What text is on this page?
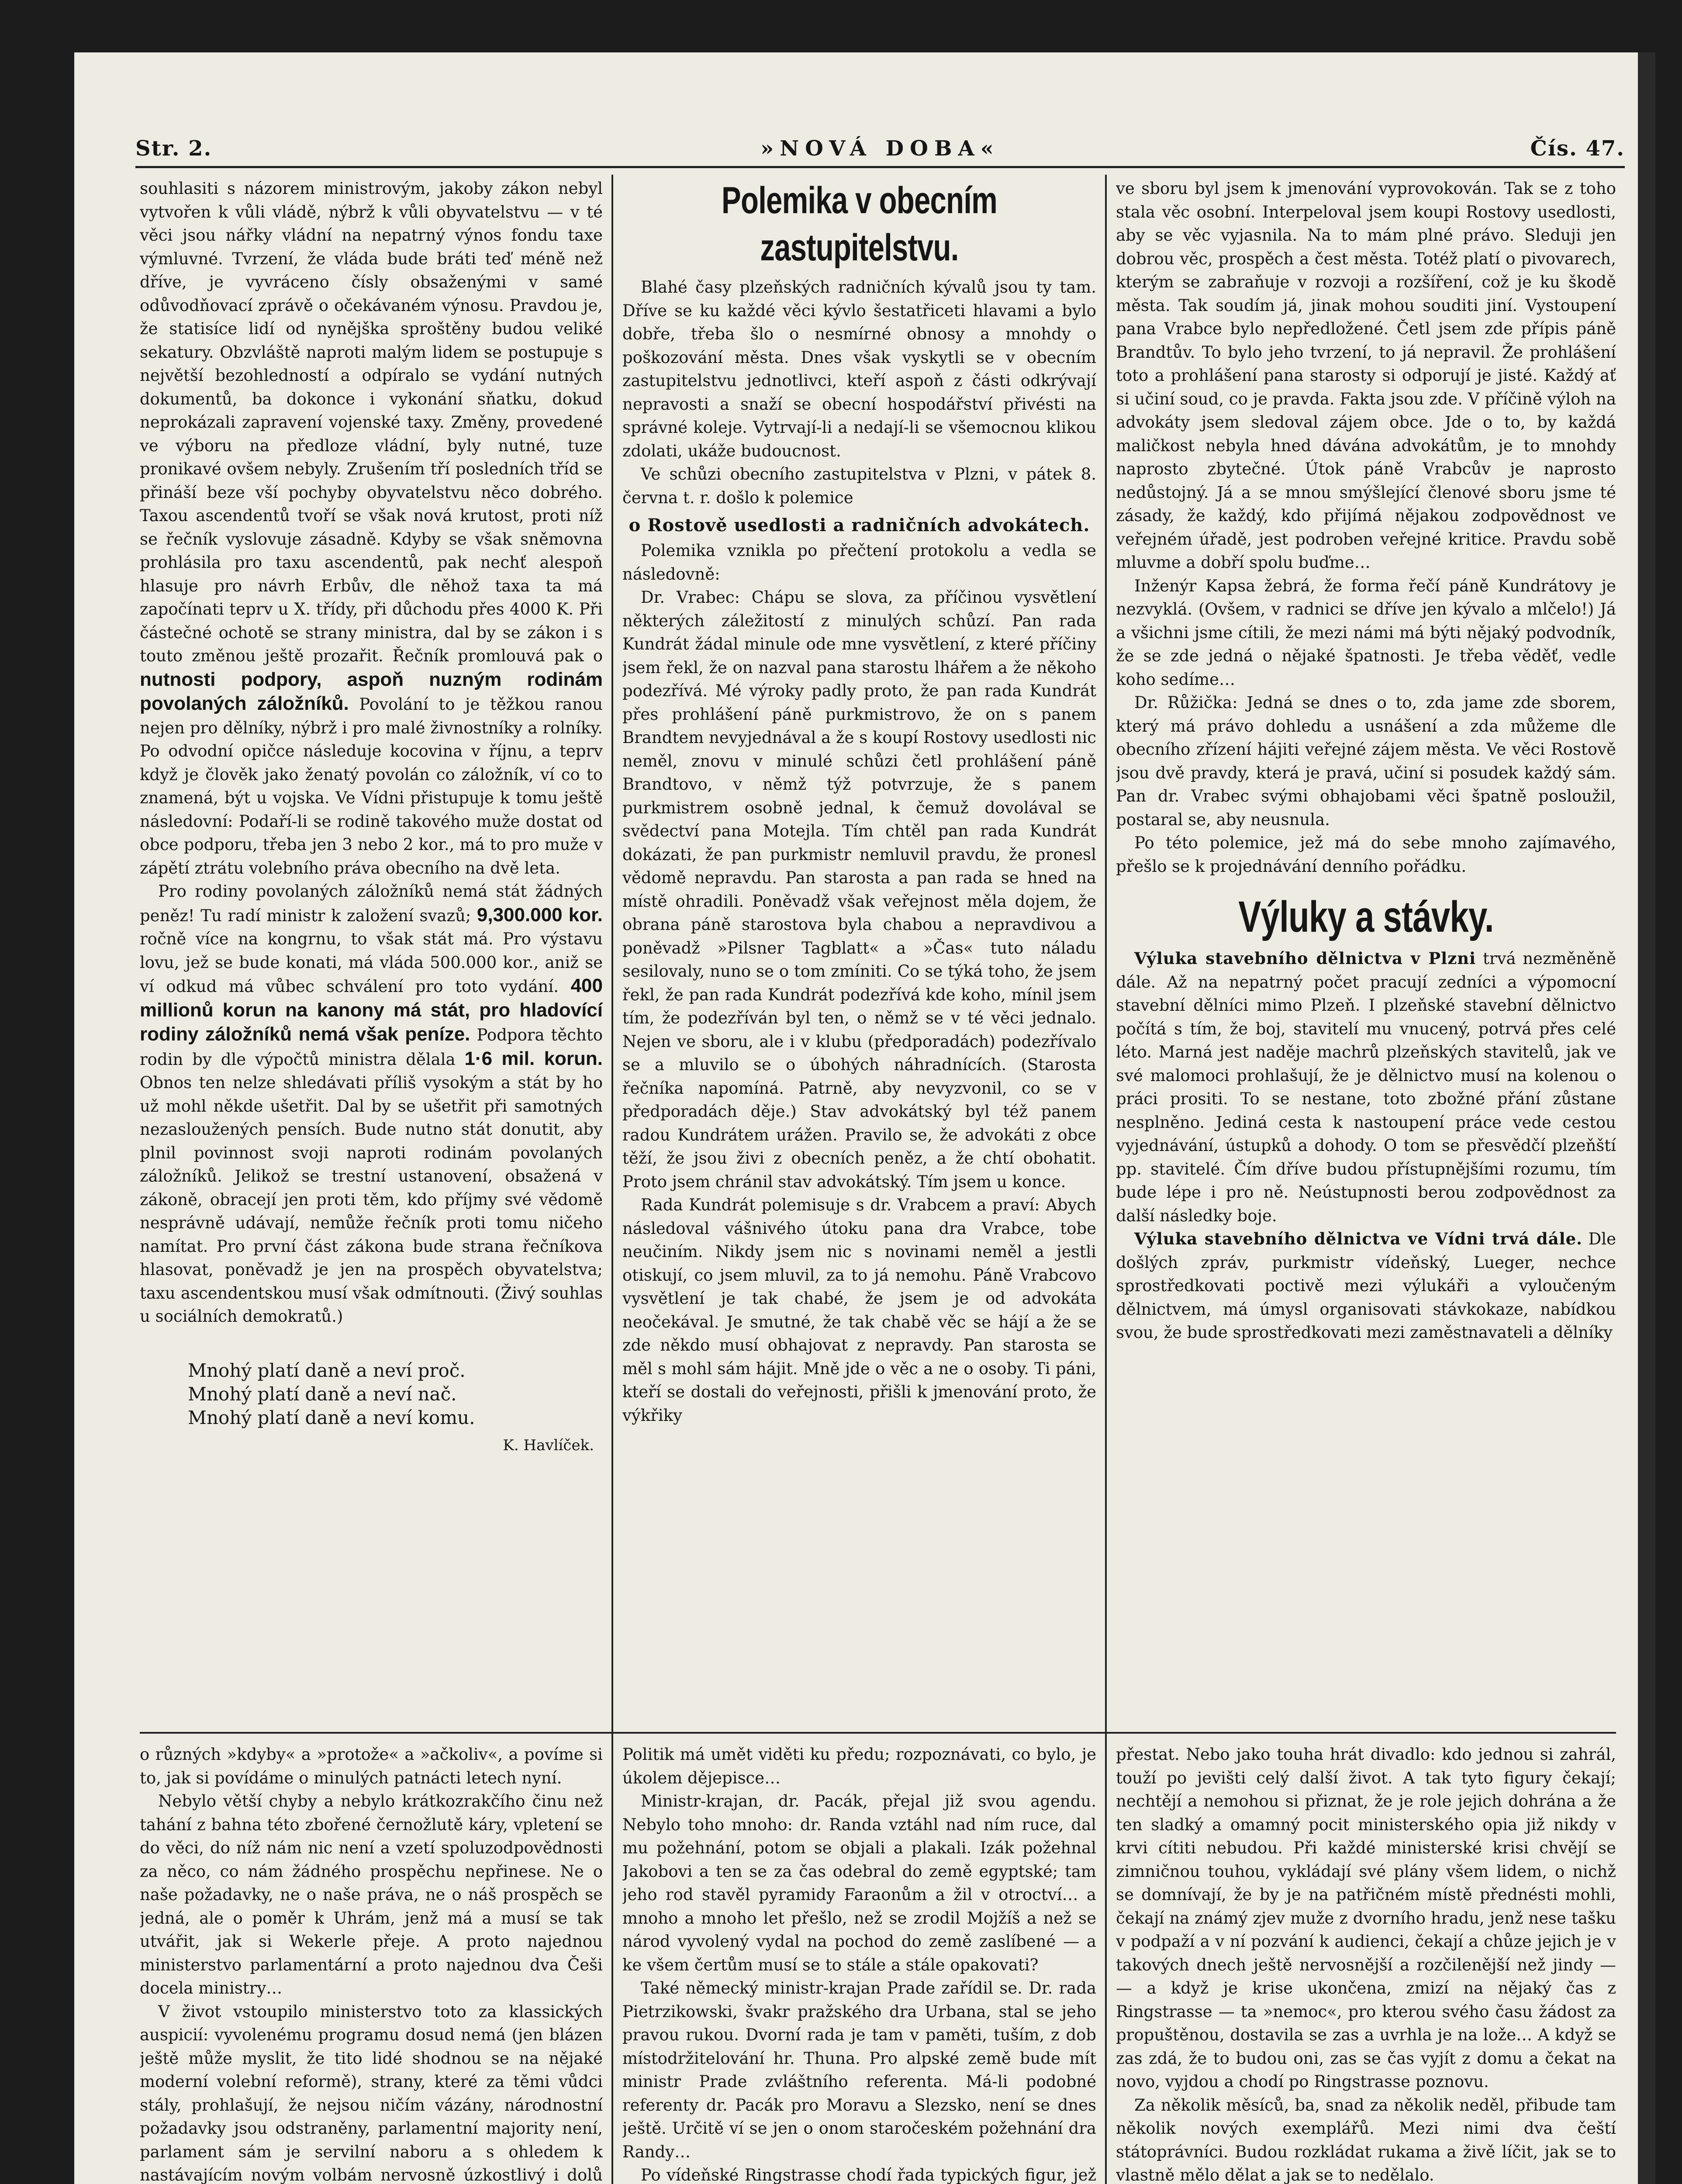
»NOVÁ DOBA«
Str. 2.	Čís. 47.

souhlasiti s názorem ministrovým, jakoby zákon nebyl vytvořen k vůli vládě, nýbrž k vůli obyvatelstvu — v té věci jsou nářky vládní na nepatrný výnos fondu taxe výmluvné. Tvrzení, že vláda bude bráti teď méně než dříve, je vyvráceno čísly obsaženými v samé odůvodňovací zprávě o očekávaném výnosu. Pravdou je, že statisíce lidí od nynějška sproštěny budou veliké sekatury. Obzvláště naproti malým lidem se postupuje s největší bezohledností a odpíralo se vydání nutných dokumentů, ba dokonce i vykonání sňatku, dokud neprokázali zapravení vojenské taxy. Změny, provedené ve výboru na předloze vládní, byly nutné, tuze pronikavé ovšem nebyly. Zrušením tří posledních tříd se přináší beze vší pochyby obyvatelstvu něco dobrého. Taxou ascendentů tvoří se však nová krutost, proti níž se řečník vyslovuje zásadně. Kdyby se však sněmovna prohlásila pro taxu ascendentů, pak nechť alespoň hlasuje pro návrh Erbův, dle něhož taxa ta má započínati teprv u X. třídy, při důchodu přes 4000 K. Při částečné ochotě se strany ministra, dal by se zákon i s touto změnou ještě prozařit. Řečník promlouvá pak o nutnosti podpory, aspoň nuzným rodinám povolaných záložníků. Povolání to je těžkou ranou nejen pro dělníky, nýbrž i pro malé živnostníky a rolníky. Po odvodní opičce následuje kocovina v říjnu, a teprv když je člověk jako ženatý povolán co záložník, ví co to znamená, být u vojska. Ve Vídni přistupuje k tomu ještě následovní: Podaří-li se rodině takového muže dostat od obce podporu, třeba jen 3 nebo 2 kor., má to pro muže v zápětí ztrátu volebního práva obecního na dvě leta.

Pro rodiny povolaných záložníků nemá stát žádných peněz! Tu radí ministr k založení svazů; 9,300.000 kor. ročně více na kongrnu, to však stát má. Pro výstavu lovu, jež se bude konati, má vláda 500.000 kor., aniž se ví odkud má vůbec schválení pro toto vydání. 400 millionů korun na kanony má stát, pro hladovící rodiny záložníků nemá však peníze. Podpora těchto rodin by dle výpočtů ministra dělala 1·6 mil. korun. Obnos ten nelze shledávati příliš vysokým a stát by ho už mohl někde ušetřit. Dal by se ušetřit při samotných nezasloužených pensích. Bude nutno stát donutit, aby plnil povinnost svoji naproti rodinám povolaných záložníků. Jelikož se trestní ustanovení, obsažená v zákoně, obracejí jen proti těm, kdo příjmy své vědomě nesprávně udávají, nemůže řečník proti tomu ničeho namítat. Pro první část zákona bude strana řečníkova hlasovat, poněvadž je jen na prospěch obyvatelstva; taxu ascendentskou musí však odmítnouti. (Živý souhlas u sociálních demokratů.)

Mnohý platí daně a neví proč.
Mnohý platí daně a neví nač.
Mnohý platí daně a neví komu.
K. Havlíček.
Polemika v obecním zastupitelstvu.

Blahé časy plzeňských radničních kývalů jsou ty tam. Dříve se ku každé věci kývlo šestatřiceti hlavami a bylo dobře, třeba šlo o nesmírné obnosy a mnohdy o poškozování města. Dnes však vyskytli se v obecním zastupitelstvu jednotlivci, kteří aspoň z části odkrývají nepravosti a snaží se obecní hospodářství přivésti na správné koleje. Vytrvají-li a nedají-li se všemocnou klikou zdolati, ukáže budoucnost.

Ve schůzi obecního zastupitelstva v Plzni, v pátek 8. června t. r. došlo k polemice

o Rostově usedlosti a radničních advokátech.

Polemika vznikla po přečtení protokolu a vedla se následovně:

Dr. Vrabec: Chápu se slova, za příčinou vysvětlení některých záležitostí z minulých schůzí. Pan rada Kundrát žádal minule ode mne vysvětlení, z které příčiny jsem řekl, že on nazval pana starostu lhářem a že někoho podezřívá. Mé výroky padly proto, že pan rada Kundrát přes prohlášení páně purkmistrovo, že on s panem Brandtem nevyjednával a že s koupí Rostovy usedlosti nic neměl, znovu v minulé schůzi četl prohlášení páně Brandtovo, v němž týž potvrzuje, že s panem purkmistrem osobně jednal, k čemuž dovolával se svědectví pana Motejla. Tím chtěl pan rada Kundrát dokázati, že pan purkmistr nemluvil pravdu, že pronesl vědomě nepravdu. Pan starosta a pan rada se hned na místě ohradili. Poněvadž však veřejnost měla dojem, že obrana páně starostova byla chabou a nepravdivou a poněvadž »Pilsner Tagblatt« a »Čas« tuto náladu sesilovaly, nuno se o tom zmíniti. Co se týká toho, že jsem řekl, že pan rada Kundrát podezřívá kde koho, mínil jsem tím, že podezříván byl ten, o němž se v té věci jednalo. Nejen ve sboru, ale i v klubu (předporadách) podezřívalo se a mluvilo se o úbohých náhradnících. (Starosta řečníka napomíná. Patrně, aby nevyzvonil, co se v předporadách děje.) Stav advokátský byl též panem radou Kundrátem urážen. Pravilo se, že advokáti z obce těží, že jsou živi z obecních peněz, a že chtí obohatit. Proto jsem chránil stav advokátský. Tím jsem u konce.

Rada Kundrát polemisuje s dr. Vrabcem a praví: Abych následoval vášnivého útoku pana dra Vrabce, tobe neučiním. Nikdy jsem nic s novinami neměl a jestli otiskují, co jsem mluvil, za to já nemohu. Páně Vrabcovo vysvětlení je tak chabé, že jsem je od advokáta neočekával. Je smutné, že tak chabě věc se hájí a že se zde někdo musí obhajovat z nepravdy. Pan starosta se měl s mohl sám hájit. Mně jde o věc a ne o osoby. Ti páni, kteří se dostali do veřejnosti, přišli k jmenování proto, že výkřiky

ve sboru byl jsem k jmenování vyprovokován. Tak se z toho stala věc osobní. Interpeloval jsem koupi Rostovy usedlosti, aby se věc vyjasnila. Na to mám plné právo. Sleduji jen dobrou věc, prospěch a čest města. Totéž platí o pivovarech, kterým se zabraňuje v rozvoji a rozšíření, což je ku škodě města. Tak soudím já, jinak mohou souditi jiní. Vystoupení pana Vrabce bylo nepředložené. Četl jsem zde přípis páně Brandtův. To bylo jeho tvrzení, to já nepravil. Že prohlášení toto a prohlášení pana starosty si odporují je jisté. Každý ať si učiní soud, co je pravda. Fakta jsou zde. V příčině výloh na advokáty jsem sledoval zájem obce. Jde o to, by každá maličkost nebyla hned dávána advokátům, je to mnohdy naprosto zbytečné. Útok páně Vrabcův je naprosto nedůstojný. Já a se mnou smýšlející členové sboru jsme té zásady, že každý, kdo přijímá nějakou zodpovědnost ve veřejném úřadě, jest podroben veřejné kritice. Pravdu sobě mluvme a dobří spolu buďme…

Inženýr Kapsa žebrá, že forma řečí páně Kundrátovy je nezvyklá. (Ovšem, v radnici se dříve jen kývalo a mlčelo!) Já a všichni jsme cítili, že mezi námi má býti nějaký podvodník, že se zde jedná o nějaké špatnosti. Je třeba věděť, vedle koho sedíme…

Dr. Růžička: Jedná se dnes o to, zda jame zde sborem, který má právo dohledu a usnášení a zda můžeme dle obecního zřízení hájiti veřejné zájem města. Ve věci Rostově jsou dvě pravdy, která je pravá, učiní si posudek každý sám. Pan dr. Vrabec svými obhajobami věci špatně posloužil, postaral se, aby neusnula.

Po této polemice, jež má do sebe mnoho zajímavého, přešlo se k projednávání denního pořádku.

Výluky a stávky.

Výluka stavebního dělnictva v Plzni trvá nezměněně dále. Až na nepatrný počet pracují zedníci a výpomocní stavební dělníci mimo Plzeň. I plzeňské stavební dělnictvo počítá s tím, že boj, stavitelí mu vnucený, potrvá přes celé léto. Marná jest naděje machrů plzeňských stavitelů, jak ve své malomoci prohlašují, že je dělnictvo musí na kolenou o práci prositi. To se nestane, toto zbožné přání zůstane nesplněno. Jediná cesta k nastoupení práce vede cestou vyjednávání, ústupků a dohody. O tom se přesvědčí plzeňští pp. stavitelé. Čím dříve budou přístupnějšími rozumu, tím bude lépe i pro ně. Neústupnosti berou zodpovědnost za další následky boje.

Výluka stavebního dělnictva ve Vídni trvá dále. Dle došlých zpráv, purkmistr vídeňský, Lueger, nechce sprostředkovati poctivě mezi výlukáři a vyloučeným dělnictvem, má úmysl organisovati stávkokaze, nabídkou svou, že bude sprostředkovati mezi zaměstnavateli a dělníky

o různých »kdyby« a »protože« a »ačkoliv«, a povíme si to, jak si povídáme o minulých patnácti letech nyní.

Nebylo větší chyby a nebylo krátkozrakčího činu než tahání z bahna této zbořené černožlutě káry, vpletení se do věci, do níž nám nic není a vzetí spoluzodpovědnosti za něco, co nám žádného prospěchu nepřinese. Ne o naše požadavky, ne o naše práva, ne o náš prospěch se jedná, ale o poměr k Uhrám, jenž má a musí se tak utvářit, jak si Wekerle přeje. A proto najednou ministerstvo parlamentární a proto najednou dva Češi docela ministry…

V život vstoupilo ministerstvo toto za klassických auspicií: vyvolenému programu dosud nemá (jen blázen ještě může myslit, že tito lidé shodnou se na nějaké moderní volební reformě), strany, které za těmi vůdci stály, prohlašují, že nejsou ničím vázány, národnostní požadavky jsou odstraněny, parlamentní majority není, parlament sám je servilní naboru a s ohledem k nastávajícím novým volbám nervosně úzkostlivý i dolů

Politik má umět viděti ku předu; rozpoznávati, co bylo, je úkolem dějepisce…

Ministr-krajan, dr. Pacák, přejal již svou agendu. Nebylo toho mnoho: dr. Randa vztáhl nad ním ruce, dal mu požehnání, potom se objali a plakali. Izák požehnal Jakobovi a ten se za čas odebral do země egyptské; tam jeho rod stavěl pyramidy Faraonům a žil v otroctví… a mnoho a mnoho let přešlo, než se zrodil Mojžíš a než se národ vyvolený vydal na pochod do země zaslíbené — a ke všem čertům musí se to stále a stále opakovati?

Také německý ministr-krajan Prade zařídil se. Dr. rada Pietrzikowski, švakr pražského dra Urbana, stal se jeho pravou rukou. Dvorní rada je tam v paměti, tuším, z dob místodržitelování hr. Thuna. Pro alpské země bude mít ministr Prade zvláštního referenta. Má-li podobné referenty dr. Pacák pro Moravu a Slezsko, není se dnes ještě. Určitě ví se jen o onom staročeském požehnání dra Randy…

Po vídeňské Ringstrasse chodí řada typických figur, jež

přestat. Nebo jako touha hrát divadlo: kdo jednou si zahrál, touží po jevišti celý další život. A tak tyto figury čekají; nechtějí a nemohou si přiznat, že je role jejich dohrána a že ten sladký a omamný pocit ministerského opia již nikdy v krvi cítiti nebudou. Při každé ministerské krisi chvějí se zimničnou touhou, vykládají své plány všem lidem, o nichž se domnívají, že by je na patřičném místě přednésti mohli, čekají na známý zjev muže z dvorního hradu, jenž nese tašku v podpaží a v ní pozvání k audienci, čekají a chůze jejich je v takových dnech ještě nervosnější a rozčilenější než jindy — — a když je krise ukončena, zmizí na nějaký čas z Ringstrasse — ta »nemoc«, pro kterou svého času žádost za propuštěnou, dostavila se zas a uvrhla je na lože… A když se zas zdá, že to budou oni, zas se čas vyjít z domu a čekat na novo, vyjdou a chodí po Ringstrasse poznovu.

Za několik měsíců, ba, snad za několik neděl, přibude tam několik nových exemplářů. Mezi nimi dva čeští státoprávníci. Budou rozkládat rukama a živě líčit, jak se to vlastně mělo dělat a jak se to nedělalo.
